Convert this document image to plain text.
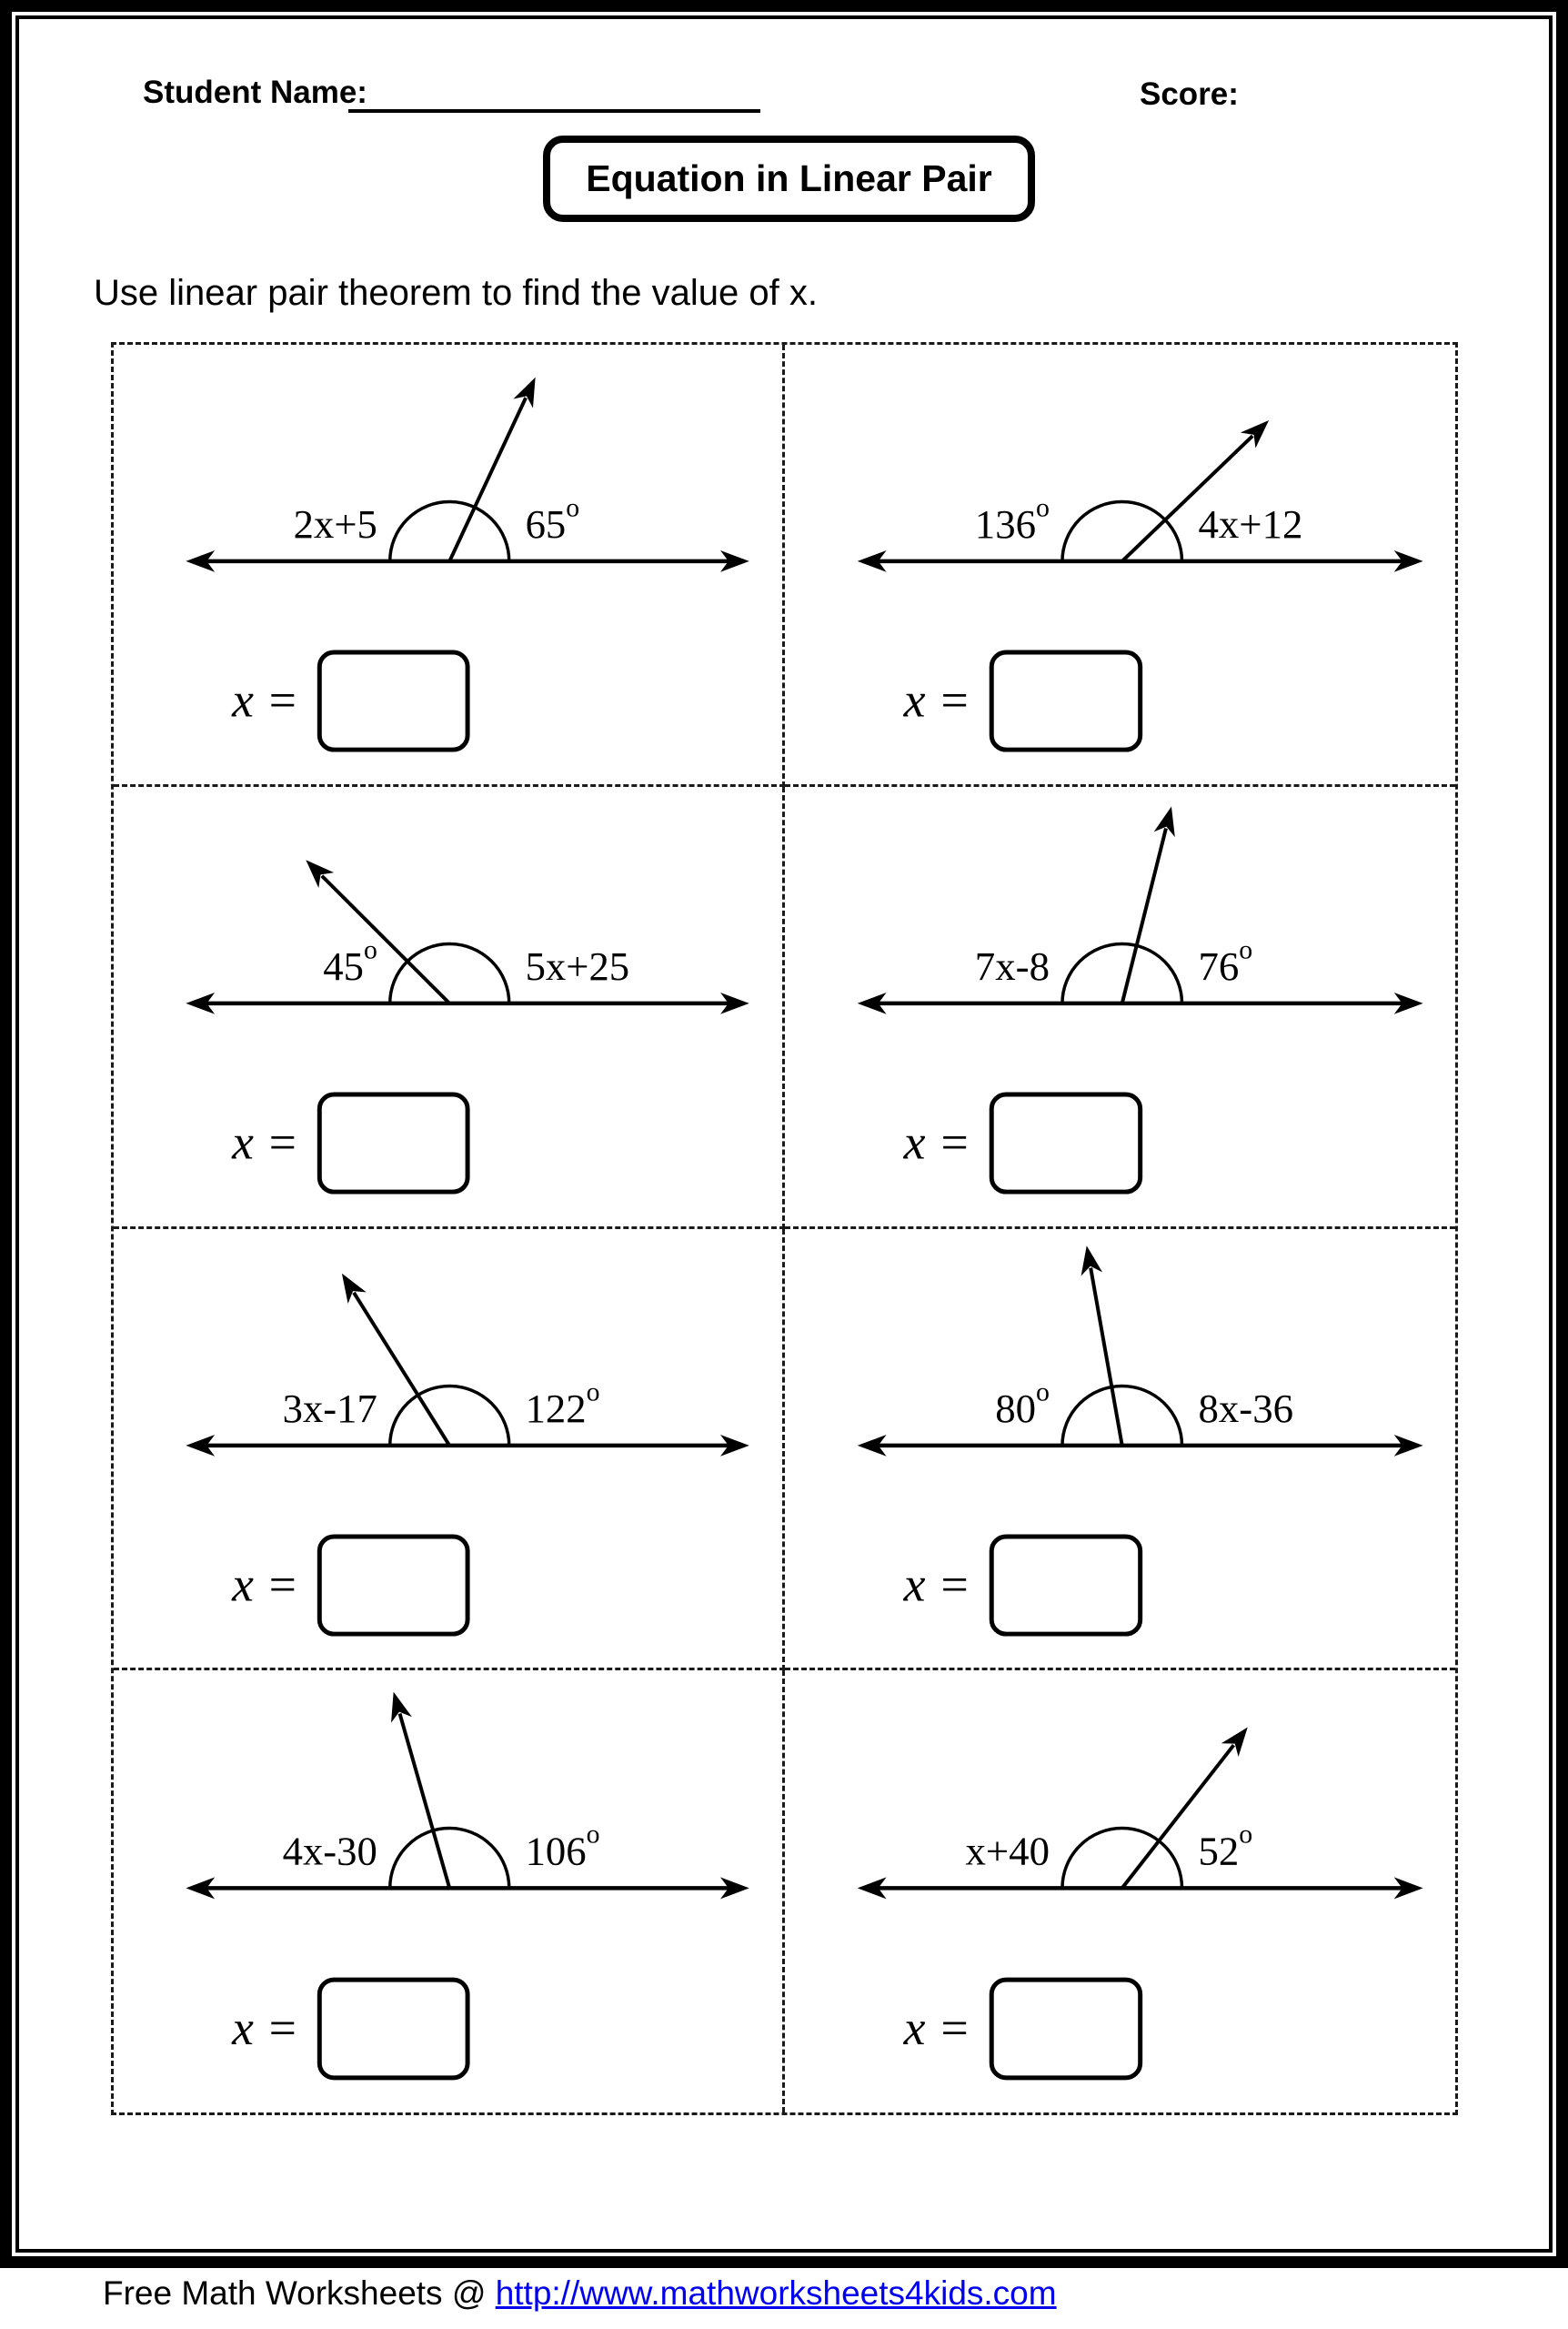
Student Name:	Score:
Equation in Linear Pair
Use linear pair theorem to find the value of x.
2x+5	65$^o$
x =
$136^o$	4x+12
x =
$45^o$	5x+25
x =
7x-8	76$^o$
x =
3x-17	122$^o$
x =
$80^o$	8x-36
x =
4x-30	106$^o$
x =
x+40	52$^o$
x =
Free Math Worksheets @ http://www.mathworksheets4kids.com
